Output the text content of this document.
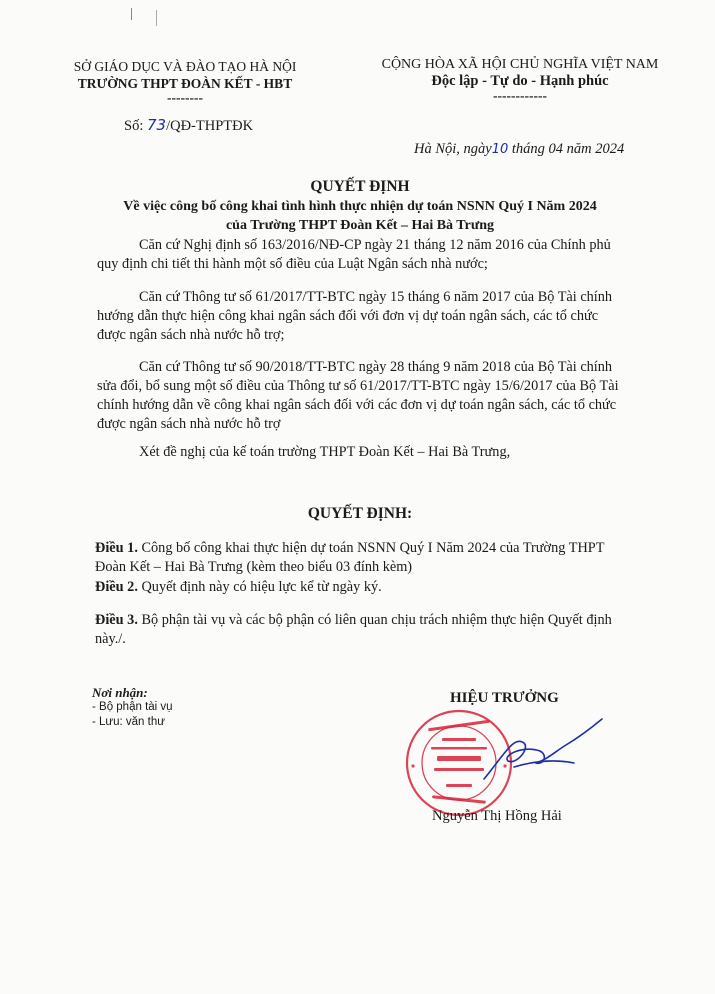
SỞ GIÁO DỤC VÀ ĐÀO TẠO HÀ NỘI
TRƯỜNG THPT ĐOÀN KẾT - HBT
--------
Số: 73/QĐ-THPTĐK
CỘNG HÒA XÃ HỘI CHỦ NGHĨA VIỆT NAM
Độc lập - Tự do - Hạnh phúc
------------
Hà Nội, ngày10 tháng 04 năm 2024
QUYẾT ĐỊNH
Về việc công bố công khai tình hình thực nhiện dự toán NSNN Quý I Năm 2024
của Trường THPT Đoàn Kết – Hai Bà Trưng
Căn cứ Nghị định số 163/2016/NĐ-CP ngày 21 tháng 12 năm 2016 của Chính phủ quy định chi tiết thi hành một số điều của Luật Ngân sách nhà nước;
Căn cứ Thông tư số 61/2017/TT-BTC ngày 15 tháng 6 năm 2017 của Bộ Tài chính hướng dẫn thực hiện công khai ngân sách đối với đơn vị dự toán ngân sách, các tổ chức được ngân sách nhà nước hỗ trợ;
Căn cứ Thông tư số 90/2018/TT-BTC ngày 28 tháng 9 năm 2018 của Bộ Tài chính sửa đổi, bổ sung một số điều của Thông tư số 61/2017/TT-BTC ngày 15/6/2017 của Bộ Tài chính hướng dẫn về công khai ngân sách đối với các đơn vị dự toán ngân sách, các tổ chức được ngân sách nhà nước hỗ trợ
Xét đề nghị của kế toán trường THPT Đoàn Kết – Hai Bà Trưng,
QUYẾT ĐỊNH:
Điều 1. Công bố công khai thực hiện dự toán NSNN Quý I Năm 2024 của Trường THPT Đoàn Kết – Hai Bà Trưng (kèm theo biểu 03 đính kèm)
Điều 2. Quyết định này có hiệu lực kể từ ngày ký.
Điều 3. Bộ phận tài vụ và các bộ phận có liên quan chịu trách nhiệm thực hiện Quyết định này./.
Nơi nhận:
- Bộ phận tài vụ
- Lưu: văn thư
HIỆU TRƯỞNG
Nguyễn Thị Hồng Hải
